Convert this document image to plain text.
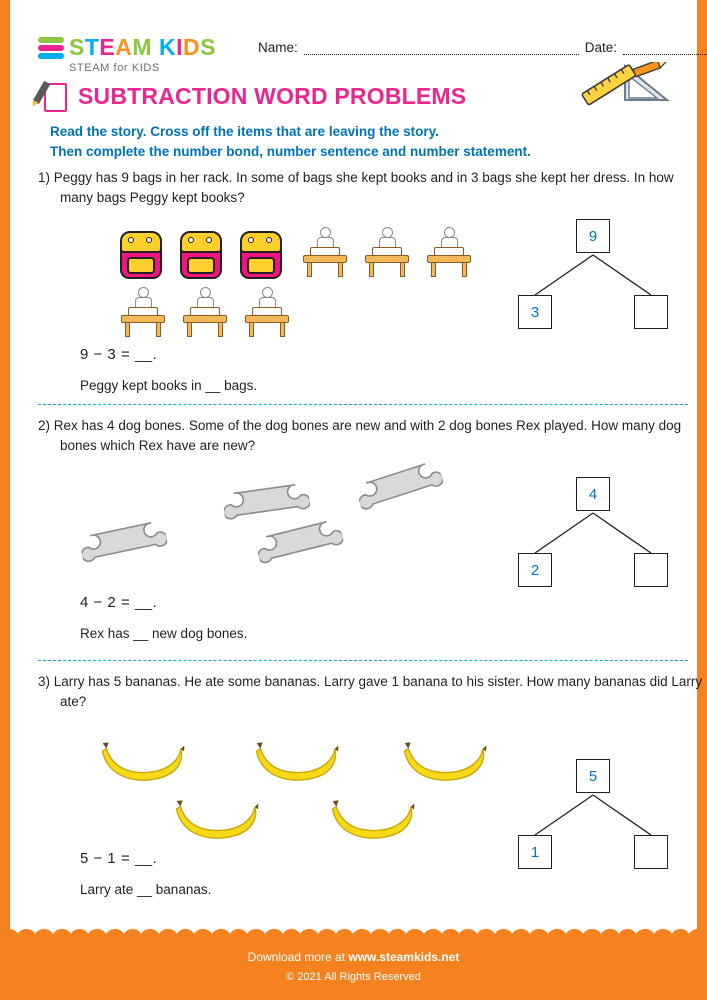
STEAM KIDS
STEAM for KIDS
Name:	Date:
SUBTRACTION WORD PROBLEMS
Read the story. Cross off the items that are leaving the story.
Then complete the number bond, number sentence and number statement.
1) Peggy has 9 bags in her rack. In some of bags she kept books and in 3 bags she kept her dress. In how many bags Peggy kept books?
9
3
9 − 3 = __.
Peggy kept books in __ bags.
2) Rex has 4 dog bones. Some of the dog bones are new and with 2 dog bones Rex played. How many dog bones which Rex have are new?
4
2
4 − 2 = __.
Rex has __ new dog bones.
3) Larry has 5 bananas. He ate some bananas. Larry gave 1 banana to his sister. How many bananas did Larry ate?
5
1
5 − 1 = __.
Larry ate __ bananas.
Download more at www.steamkids.net
© 2021 All Rights Reserved
